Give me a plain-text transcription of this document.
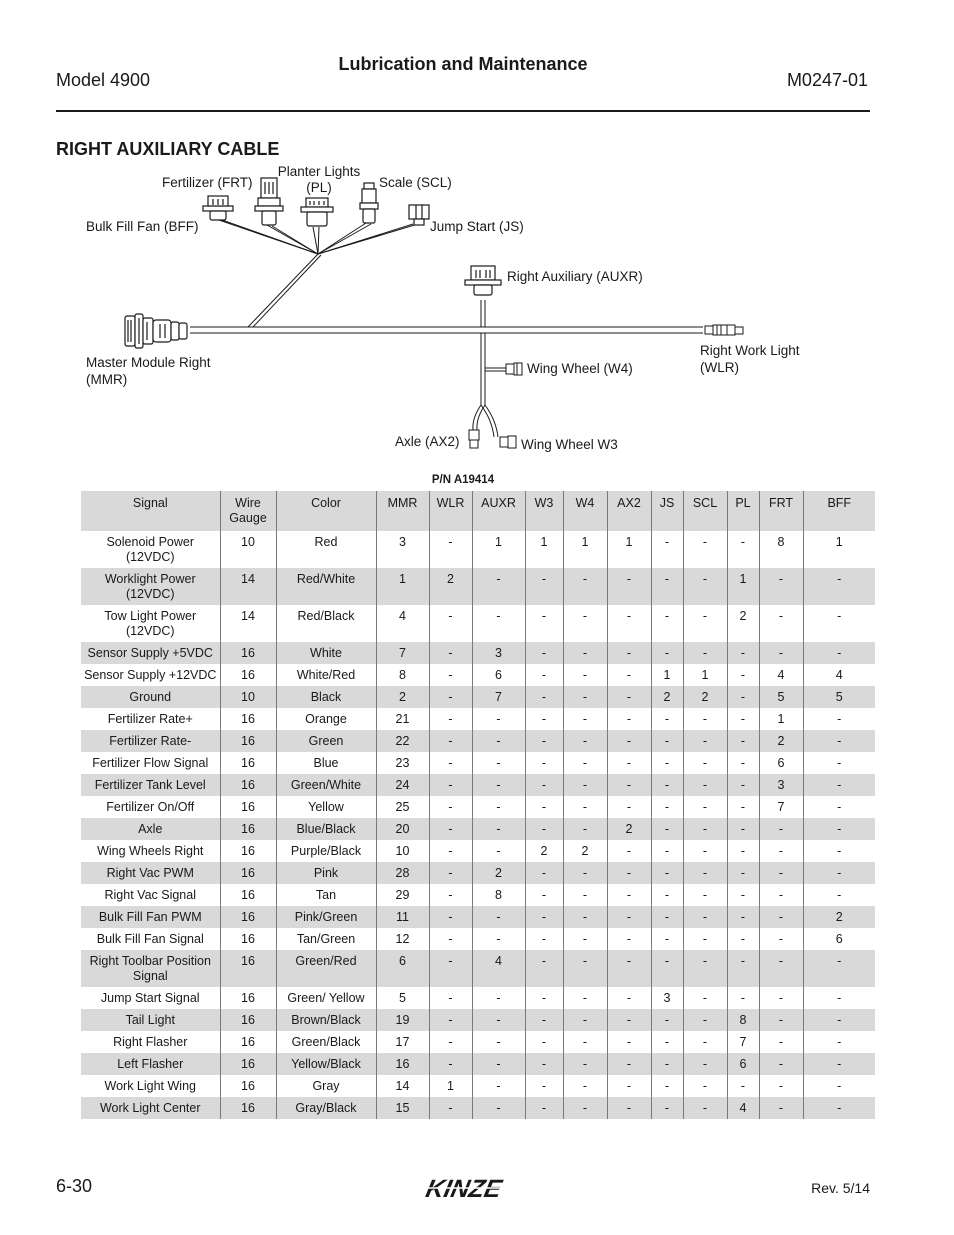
Lubrication and Maintenance
Model 4900	M0247-01
RIGHT AUXILIARY CABLE
Fertilizer (FRT)
Planter Lights
(PL)	Scale (SCL)
Bulk Fill Fan (BFF)	Jump Start (JS)
Right Auxiliary (AUXR)
Master Module Right
(MMR)
Right Work Light
(WLR)
Wing Wheel (W4)
Axle (AX2)	Wing Wheel W3
P/N A19414
Signal	Wire Gauge	Color	MMR	WLR	AUXR	W3	W4	AX2	JS	SCL	PL	FRT	BFF
Solenoid Power (12VDC)	10	Red	3	-	1	1	1	1	-	-	-	8	1
Worklight Power (12VDC)	14	Red/White	1	2	-	-	-	-	-	-	1	-	-
Tow Light Power (12VDC)	14	Red/Black	4	-	-	-	-	-	-	-	2	-	-
Sensor Supply +5VDC	16	White	7	-	3	-	-	-	-	-	-	-	-
Sensor Supply +12VDC	16	White/Red	8	-	6	-	-	-	1	1	-	4	4
Ground	10	Black	2	-	7	-	-	-	2	2	-	5	5
Fertilizer Rate+	16	Orange	21	-	-	-	-	-	-	-	-	1	-
Fertilizer Rate-	16	Green	22	-	-	-	-	-	-	-	-	2	-
Fertilizer Flow Signal	16	Blue	23	-	-	-	-	-	-	-	-	6	-
Fertilizer Tank Level	16	Green/White	24	-	-	-	-	-	-	-	-	3	-
Fertilizer On/Off	16	Yellow	25	-	-	-	-	-	-	-	-	7	-
Axle	16	Blue/Black	20	-	-	-	-	2	-	-	-	-	-
Wing Wheels Right	16	Purple/Black	10	-	-	2	2	-	-	-	-	-	-
Right Vac PWM	16	Pink	28	-	2	-	-	-	-	-	-	-	-
Right Vac Signal	16	Tan	29	-	8	-	-	-	-	-	-	-	-
Bulk Fill Fan PWM	16	Pink/Green	11	-	-	-	-	-	-	-	-	-	2
Bulk Fill Fan Signal	16	Tan/Green	12	-	-	-	-	-	-	-	-	-	6
Right Toolbar Position Signal	16	Green/Red	6	-	4	-	-	-	-	-	-	-	-
Jump Start Signal	16	Green/ Yellow	5	-	-	-	-	-	3	-	-	-	-
Tail Light	16	Brown/Black	19	-	-	-	-	-	-	-	8	-	-
Right Flasher	16	Green/Black	17	-	-	-	-	-	-	-	7	-	-
Left Flasher	16	Yellow/Black	16	-	-	-	-	-	-	-	6	-	-
Work Light Wing	16	Gray	14	1	-	-	-	-	-	-	-	-	-
Work Light Center	16	Gray/Black	15	-	-	-	-	-	-	-	4	-	-
6-30	KINZE	Rev. 5/14
